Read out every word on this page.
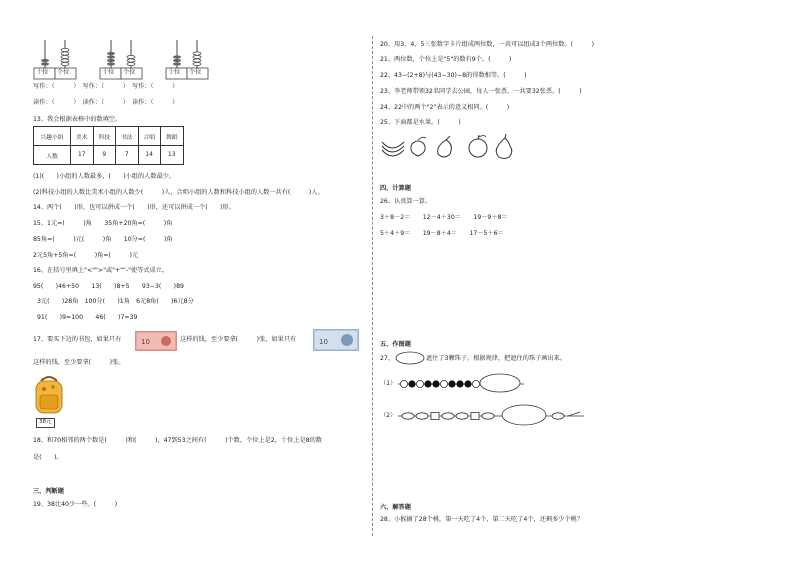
十位 个位	十位 个位	十位 个位
写作：（　　　）　写作：（　　　）　写作：（　　　）
读作：（　　　）　读作：（　　　）　读作：（　　　）
13、我会根据表格中的数填空。
兴趣小组	美术	科技	书法	合唱	舞蹈
人数	17	9	7	14	13
(1)(　　)小组的人数最多，(　　)小组的人数最少。
(2)科技小组的人数比美术小组的人数少(　　　)人，合唱小组的人数和科技小组的人数一共有(　　　)人。
14、两个(　　)形，也可以拼成一个(　　)形，还可以拼成一个(　　)形。
15、1元=(　　　)角　　35角+20角=(　　　)角
85角=(　　　)元(　　　)角　　10分=(　　　)角
2元5角+5角=(　　　)角=(　　　)元
16、在括号里填上"<"">"或"+""-"使等式成立。
95(　　)46+50　　13(　　)8+5　　93−3(　　)89
3元(　　)28角　100分(　　)1角　6元8角(　　)6元8分
91(　　)9=100　　46(　　)7=39
17、要买下边的书包，如果只有	10	这样的钱，至少要拿(　　　)张，如果只有	10
这样的钱，至少要拿(　　　)张。
38元
18、和70相邻的两个数是(　　　)和(　　　)，47到53之间有(　　　)个数，个位上是2，十位上是8的数
是(　　)。
三、判断题
19、38比40少一些。(　　　)
20、用3、4、5三张数字卡片组成两位数，一共可以组成3个两位数。(　　　)
21、两位数，个位上是"5"的数有9个。(　　　)
22、43−(2+8)与(43−30)−8的得数相等。(　　　)
23、李老师带领32名同学去公园，每人一张票，一共要32张票。(　　　)
24、22中的两个"2"表示的意义相同。(　　　)
25、下面都是水果。(　　　)
四、计算题
26、认真算一算。
3＋8－2＝　　12－4＋30＝　　19－9＋8＝
5＋4＋9＝　　19－8＋4＝　　17－5＋6＝
五、作图题
27、	遮住了3颗珠子，根据规律，把遮住的珠子画出来。
（1）
（2）
六、解答题
28、小猴摘了28个桃，第一天吃了4个，第二天吃了4个，还剩多少个桃？
